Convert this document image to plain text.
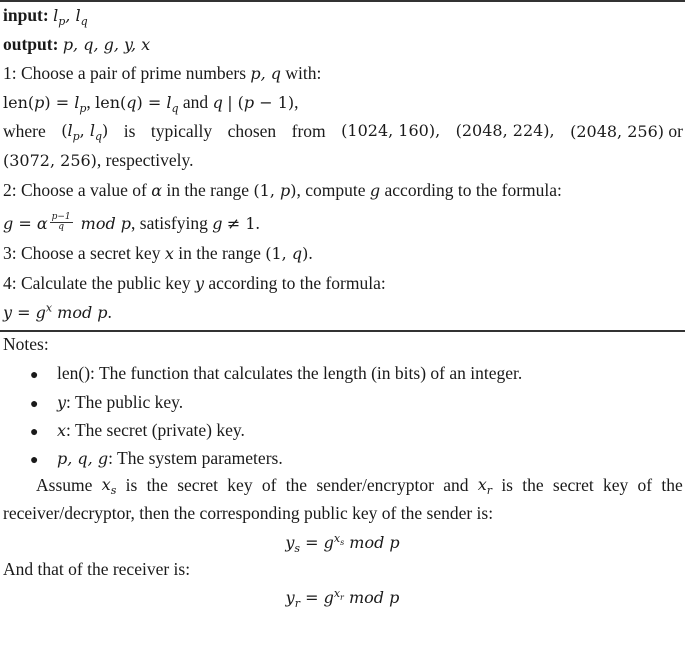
input: $l_p$, $l_q$
output: p, q, g, y, x
1: Choose a pair of prime numbers p, q with:
$len(p) = l_p$, $len(q) = l_q$ and q | (p − 1),
where ($l_p$, $l_q$) is typically chosen from (1024, 160), (2048, 224), (2048, 256) or
(3072, 256), respectively.
2: Choose a value of α in the range (1, p), compute g according to the formula:
g = α $\frac{p-1}{q}$ mod p, satisfying g ≠ 1.
3: Choose a secret key x in the range (1, q).
4: Calculate the public key y according to the formula:
$y = g^x$ mod p.
Notes:
● len(): The function that calculates the length (in bits) of an integer.
● y: The public key.
● x: The secret (private) key.
● p, q, g: The system parameters.
Assume $x_s$ is the secret key of the sender/encryptor and $x_r$ is the secret key of the
receiver/decryptor, then the corresponding public key of the sender is:
$y_s = g^{x_s}$ mod p
And that of the receiver is:
$y_r = g^{x_r}$ mod p
